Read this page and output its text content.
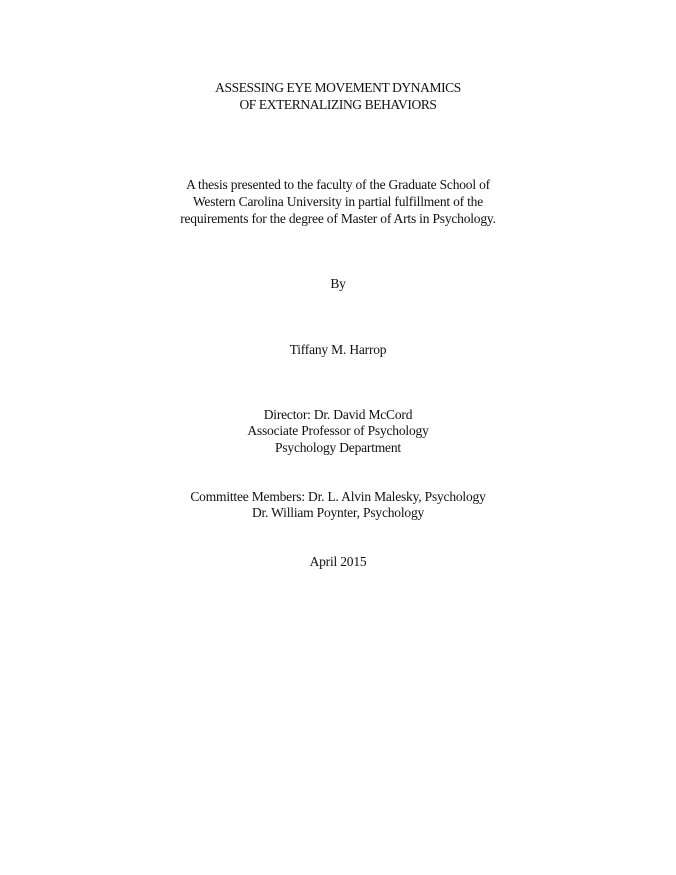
ASSESSING EYE MOVEMENT DYNAMICS
OF EXTERNALIZING BEHAVIORS
A thesis presented to the faculty of the Graduate School of
Western Carolina University in partial fulfillment of the
requirements for the degree of Master of Arts in Psychology.
By
Tiffany M. Harrop
Director: Dr. David McCord
Associate Professor of Psychology
Psychology Department
Committee Members: Dr. L. Alvin Malesky, Psychology
Dr. William Poynter, Psychology
April 2015
